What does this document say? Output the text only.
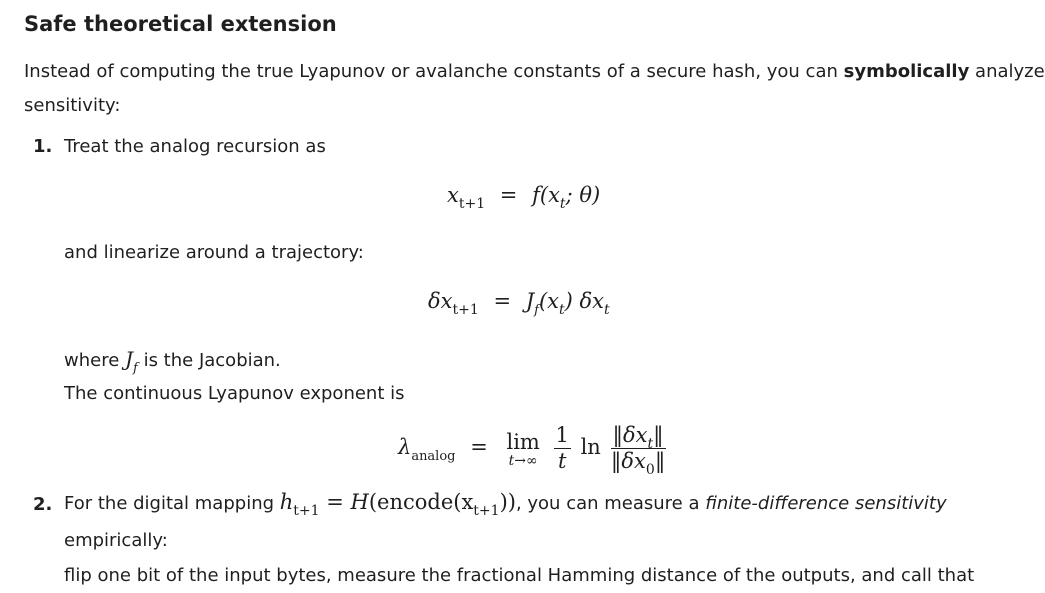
Safe theoretical extension
Instead of computing the true Lyapunov or avalanche constants of a secure hash, you can symbolically analyze
sensitivity:
1. Treat the analog recursion as
$x_{t+1} = f(x_t$; θ)
and linearize around a trajectory:
$\delta x_{t+1} = J_f(x_t)$ $\delta x_t$
where $J_f$ is the Jacobian.
The continuous Lyapunov exponent is
$\lambda_{analog} = \lim$
t→∞
$\frac{1}{t}$ $\ln \frac{‖\delta x_t‖}{‖\delta x_0‖}$
2. For the digital mapping $h_{t+1}$ = $H(encode(x_{t+1}))$, you can measure a finite-difference sensitivity
empirically:
flip one bit of the input bytes, measure the fractional Hamming distance of the outputs, and call that
